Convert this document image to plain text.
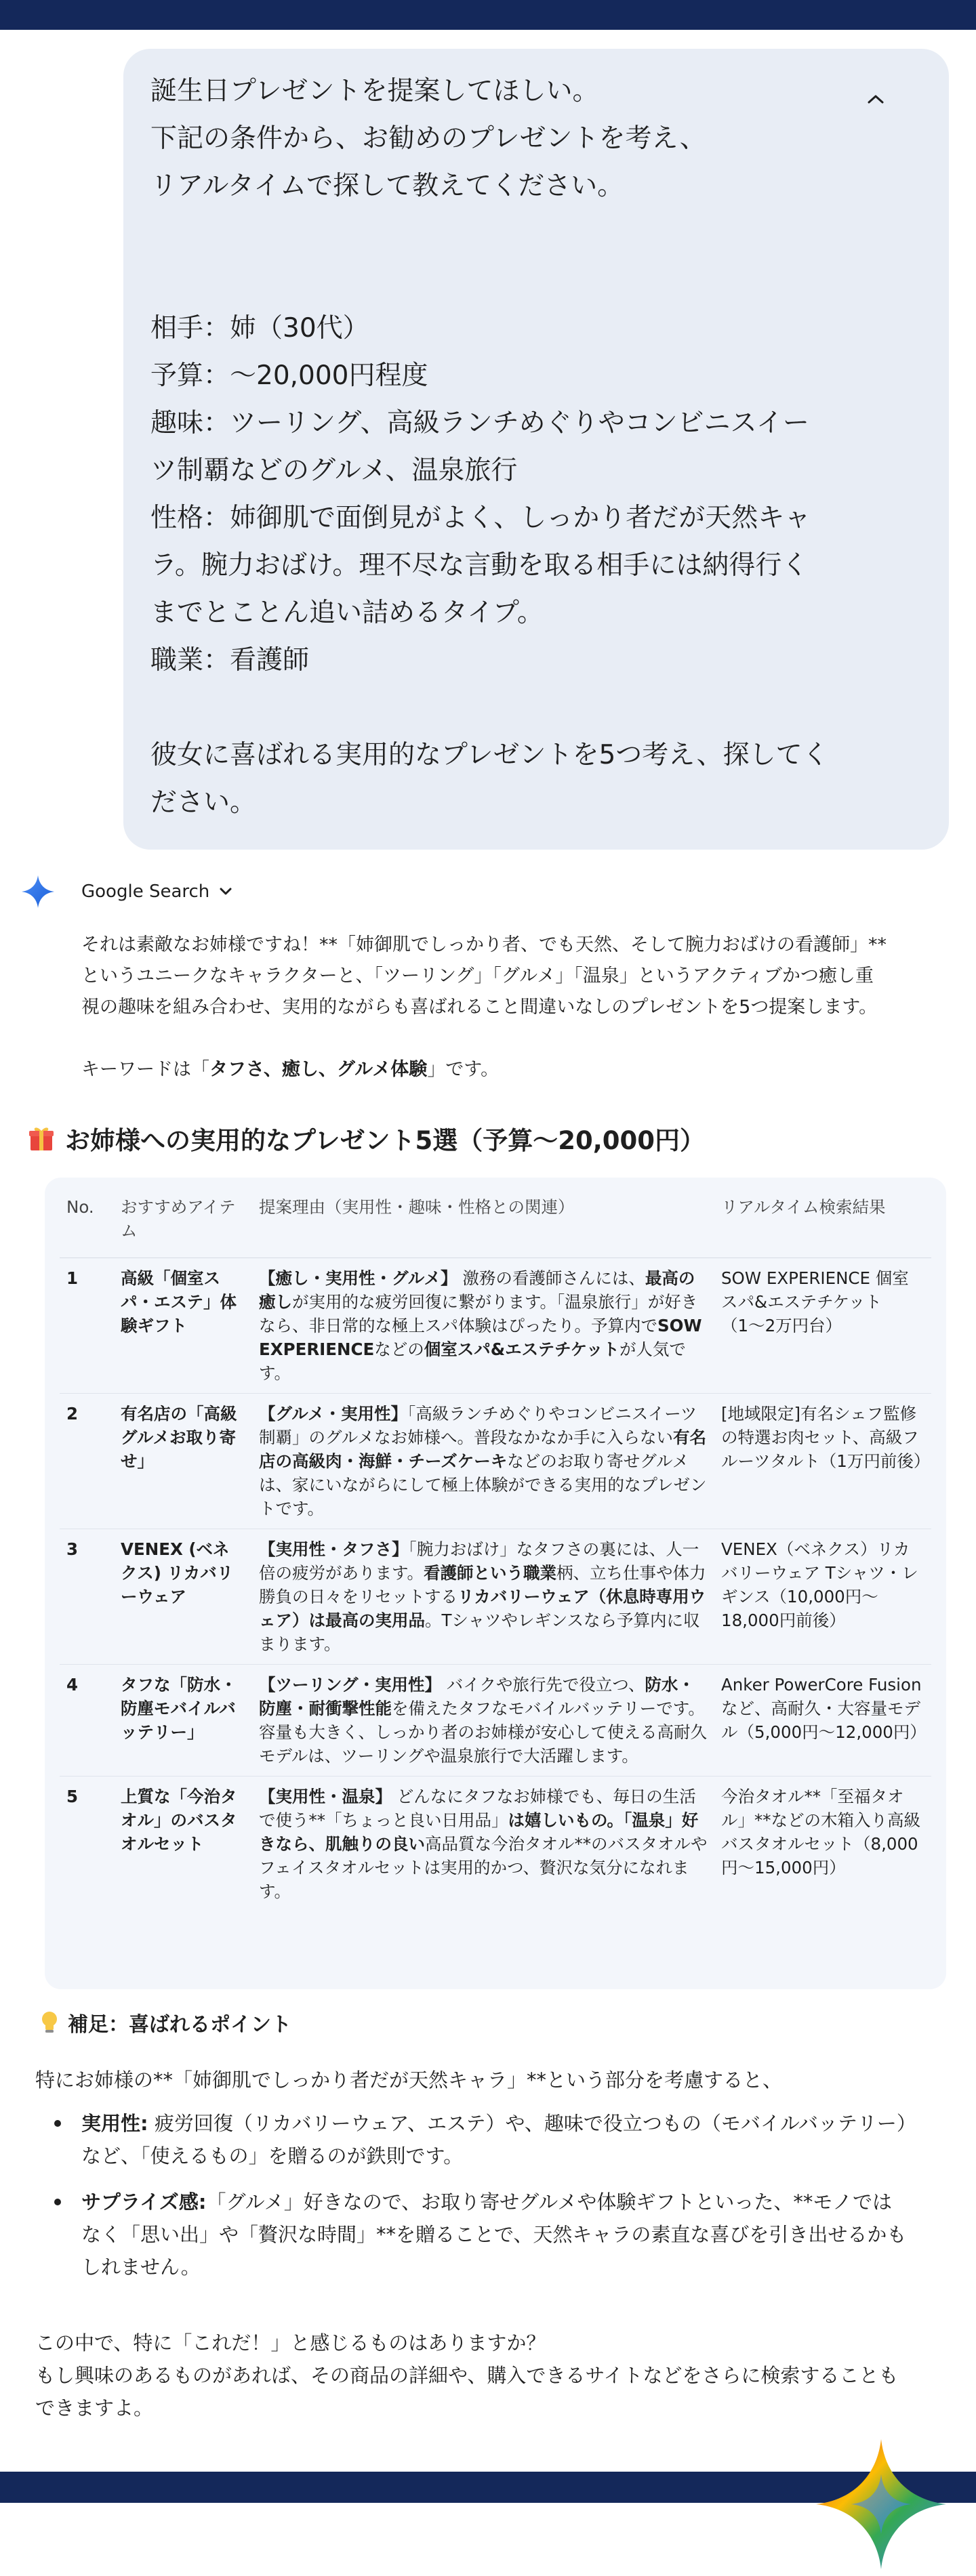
誕生日プレゼントを提案してほしい。
下記の条件から、お勧めのプレゼントを考え、
リアルタイムで探して教えてください。
相手：姉（30代）
予算：～20,000円程度
趣味：ツーリング、高級ランチめぐりやコンビニスイー
ツ制覇などのグルメ、温泉旅行
性格：姉御肌で面倒見がよく、しっかり者だが天然キャ
ラ。腕力おばけ。理不尽な言動を取る相手には納得行く
までとことん追い詰めるタイプ。
職業：看護師
彼女に喜ばれる実用的なプレゼントを5つ考え、探してく
ださい。
Google Search
それは素敵なお姉様ですね！**「姉御肌でしっかり者、でも天然、そして腕力おばけの看護師」**
というユニークなキャラクターと、「ツーリング」「グルメ」「温泉」というアクティブかつ癒し重
視の趣味を組み合わせ、実用的ながらも喜ばれること間違いなしのプレゼントを5つ提案します。
キーワードは「タフさ、癒し、グルメ体験」です。
お姉様への実用的なプレゼント5選（予算～20,000円）
No.	おすすめアイテム	提案理由（実用性・趣味・性格との関連）	リアルタイム検索結果
1	高級「個室スパ・エステ」体験ギフト	【癒し・実用性・グルメ】 激務の看護師さんには、最高の癒しが実用的な疲労回復に繋がります。「温泉旅行」が好きなら、非日常的な極上スパ体験はぴったり。予算内でSOW EXPERIENCEなどの個室スパ&エステチケットが人気です。	SOW EXPERIENCE 個室スパ&エステチケット（1〜2万円台）
2	有名店の「高級グルメお取り寄せ」	【グルメ・実用性】「高級ランチめぐりやコンビニスイーツ制覇」のグルメなお姉様へ。普段なかなか手に入らない有名店の高級肉・海鮮・チーズケーキなどのお取り寄せグルメは、家にいながらにして極上体験ができる実用的なプレゼントです。	[地域限定]有名シェフ監修の特選お肉セット、高級フルーツタルト（1万円前後）
3	VENEX (ベネクス) リカバリーウェア	【実用性・タフさ】「腕力おばけ」なタフさの裏には、人一倍の疲労があります。看護師という職業柄、立ち仕事や体力勝負の日々をリセットするリカバリーウェア（休息時専用ウェア）は最高の実用品。Tシャツやレギンスなら予算内に収まります。	VENEX（ベネクス）リカバリーウェア Tシャツ・レギンス（10,000円〜18,000円前後）
4	タフな「防水・防塵モバイルバッテリー」	【ツーリング・実用性】 バイクや旅行先で役立つ、防水・防塵・耐衝撃性能を備えたタフなモバイルバッテリーです。容量も大きく、しっかり者のお姉様が安心して使える高耐久モデルは、ツーリングや温泉旅行で大活躍します。	Anker PowerCore Fusion など、高耐久・大容量モデル（5,000円〜12,000円）
5	上質な「今治タオル」のバスタオルセット	【実用性・温泉】 どんなにタフなお姉様でも、毎日の生活で使う**「ちょっと良い日用品」は嬉しいもの。「温泉」好きなら、肌触りの良い高品質な今治タオル**のバスタオルやフェイスタオルセットは実用的かつ、贅沢な気分になれます。	今治タオル**「至福タオル」**などの木箱入り高級バスタオルセット（8,000円〜15,000円）
補足：喜ばれるポイント
特にお姉様の**「姉御肌でしっかり者だが天然キャラ」**という部分を考慮すると、
実用性: 疲労回復（リカバリーウェア、エステ）や、趣味で役立つもの（モバイルバッテリー）
など、「使えるもの」を贈るのが鉄則です。
サプライズ感:「グルメ」好きなので、お取り寄せグルメや体験ギフトといった、**モノでは
なく「思い出」や「贅沢な時間」**を贈ることで、天然キャラの素直な喜びを引き出せるかも
しれません。
この中で、特に「これだ！」と感じるものはありますか？
もし興味のあるものがあれば、その商品の詳細や、購入できるサイトなどをさらに検索することも
できますよ。
